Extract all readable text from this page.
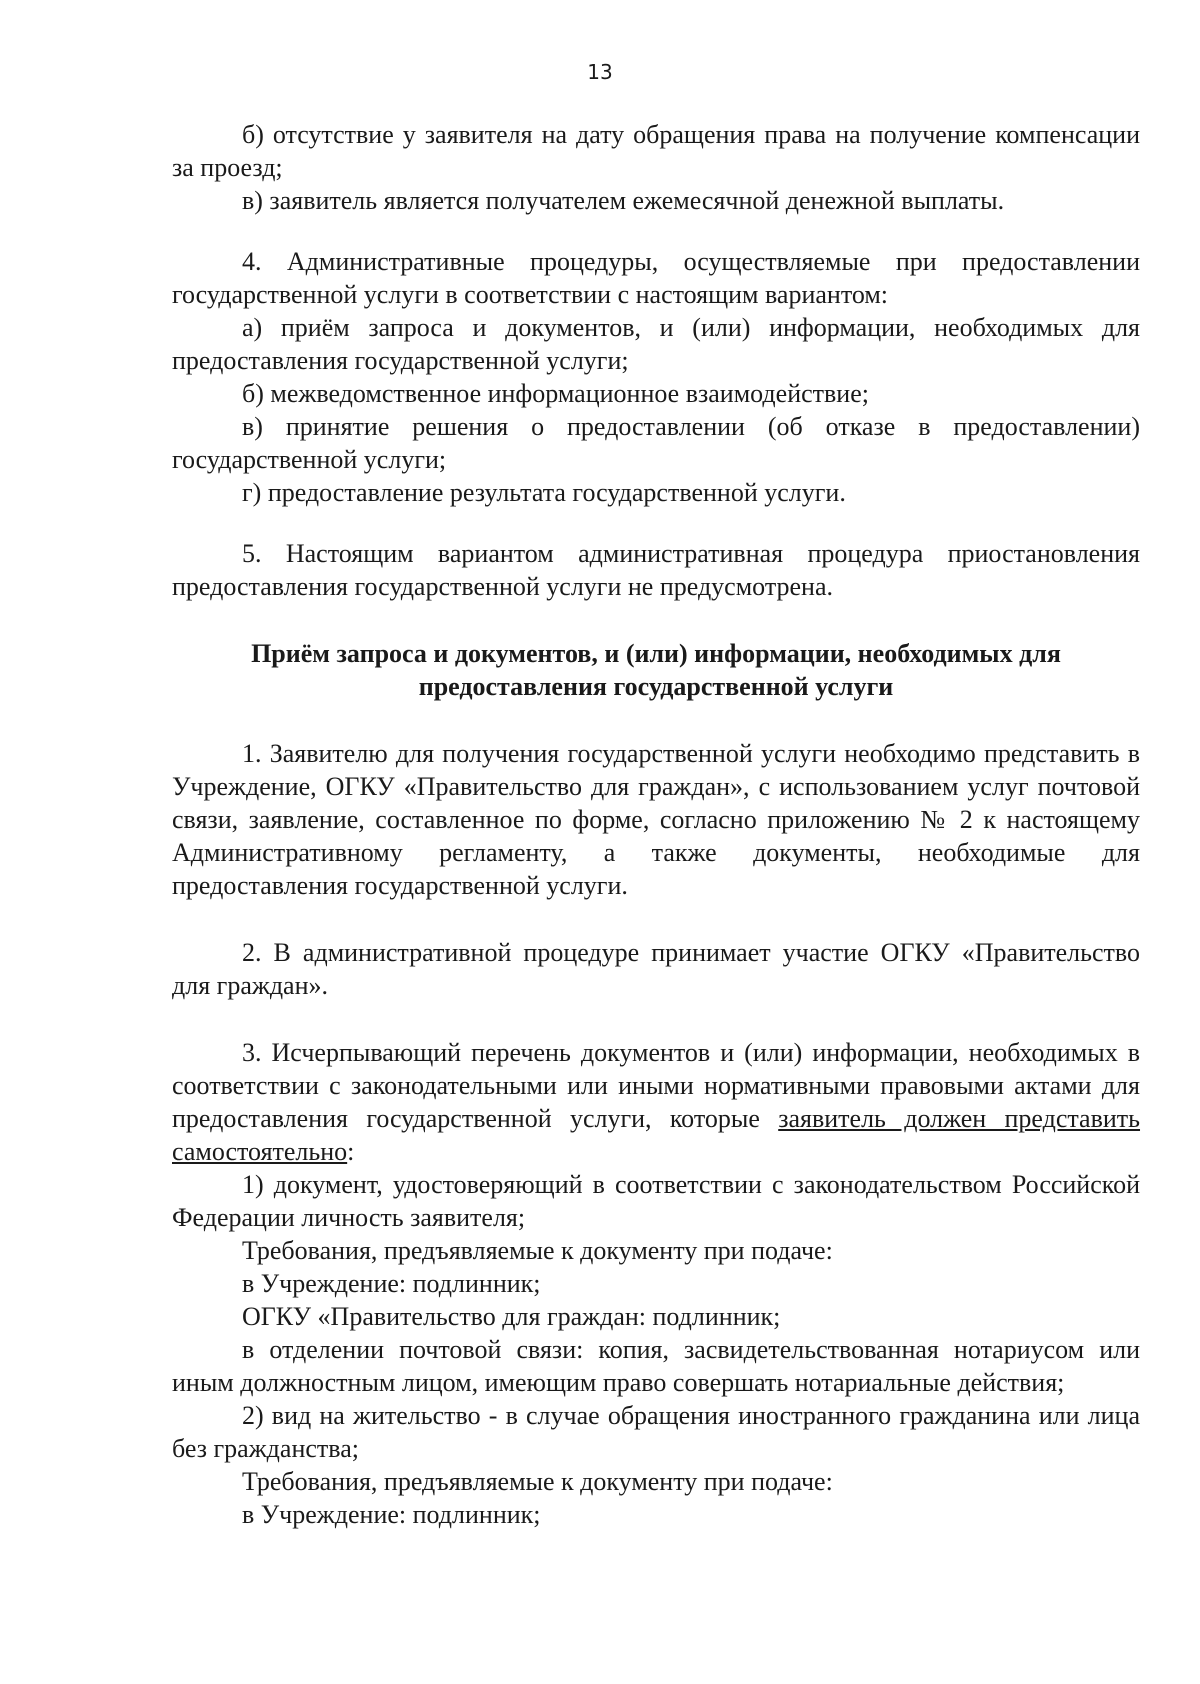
13

б) отсутствие у заявителя на дату обращения права на получение компенсации за проезд;

в) заявитель является получателем ежемесячной денежной выплаты.

4. Административные процедуры, осуществляемые при предоставлении государственной услуги в соответствии с настоящим вариантом:

а) приём запроса и документов, и (или) информации, необходимых для предоставления государственной услуги;

б) межведомственное информационное взаимодействие;

в) принятие решения о предоставлении (об отказе в предоставлении) государственной услуги;

г) предоставление результата государственной услуги.

5. Настоящим вариантом административная процедура приостановления предоставления государственной услуги не предусмотрена.

Приём запроса и документов, и (или) информации, необходимых для предоставления государственной услуги

1. Заявителю для получения государственной услуги необходимо представить в Учреждение, ОГКУ «Правительство для граждан», с использованием услуг почтовой связи, заявление, составленное по форме, согласно приложению № 2 к настоящему Административному регламенту, а также документы, необходимые для предоставления государственной услуги.

2. В административной процедуре принимает участие ОГКУ «Правительство для граждан».

3. Исчерпывающий перечень документов и (или) информации, необходимых в соответствии с законодательными или иными нормативными правовыми актами для предоставления государственной услуги, которые заявитель должен представить самостоятельно:

1) документ, удостоверяющий в соответствии с законодательством Российской Федерации личность заявителя;

Требования, предъявляемые к документу при подаче:

в Учреждение: подлинник;

ОГКУ «Правительство для граждан: подлинник;

в отделении почтовой связи: копия, засвидетельствованная нотариусом или иным должностным лицом, имеющим право совершать нотариальные действия;

2) вид на жительство - в случае обращения иностранного гражданина или лица без гражданства;

Требования, предъявляемые к документу при подаче:

в Учреждение: подлинник;
